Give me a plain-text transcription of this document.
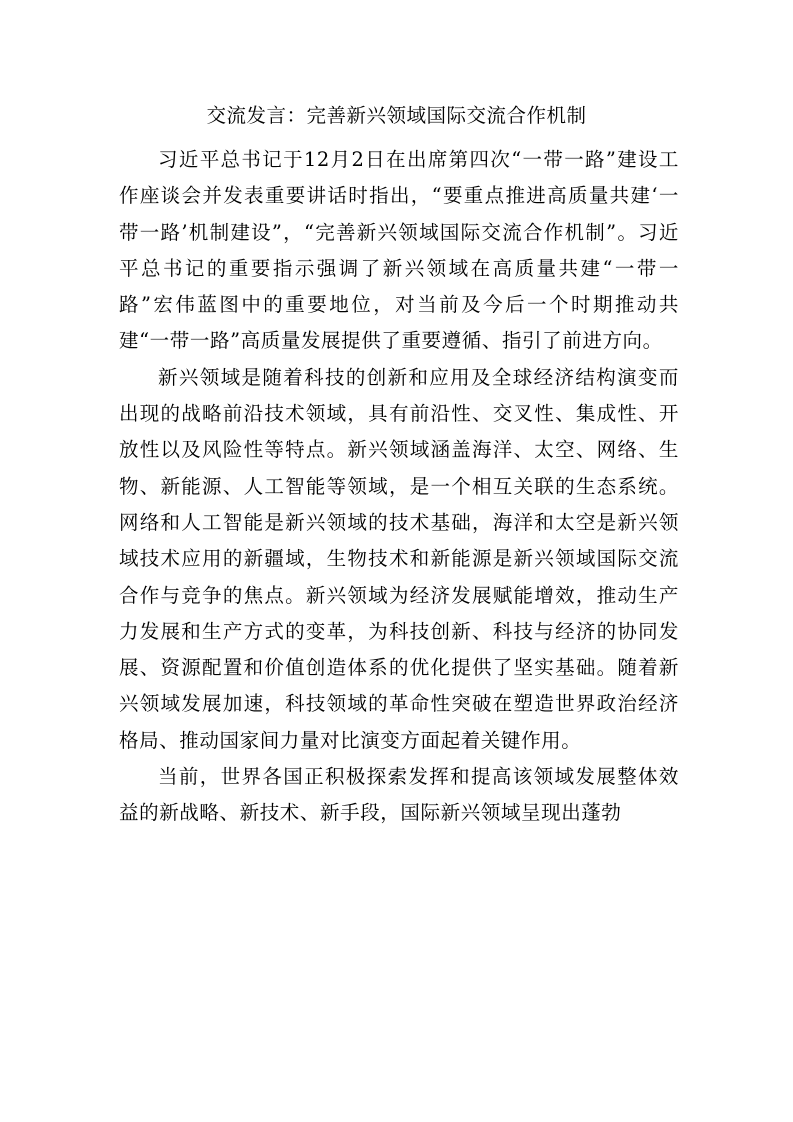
交流发言：完善新兴领域国际交流合作机制

习近平总书记于12月2日在出席第四次“一带一路”建设工作座谈会并发表重要讲话时指出，“要重点推进高质量共建‘一带一路’机制建设”，“完善新兴领域国际交流合作机制”。习近平总书记的重要指示强调了新兴领域在高质量共建“一带一路”宏伟蓝图中的重要地位，对当前及今后一个时期推动共建“一带一路”高质量发展提供了重要遵循、指引了前进方向。

新兴领域是随着科技的创新和应用及全球经济结构演变而出现的战略前沿技术领域，具有前沿性、交叉性、集成性、开放性以及风险性等特点。新兴领域涵盖海洋、太空、网络、生物、新能源、人工智能等领域，是一个相互关联的生态系统。网络和人工智能是新兴领域的技术基础，海洋和太空是新兴领域技术应用的新疆域，生物技术和新能源是新兴领域国际交流合作与竞争的焦点。新兴领域为经济发展赋能增效，推动生产力发展和生产方式的变革，为科技创新、科技与经济的协同发展、资源配置和价值创造体系的优化提供了坚实基础。随着新兴领域发展加速，科技领域的革命性突破在塑造世界政治经济格局、推动国家间力量对比演变方面起着关键作用。

当前，世界各国正积极探索发挥和提高该领域发展整体效益的新战略、新技术、新手段，国际新兴领域呈现出蓬勃
